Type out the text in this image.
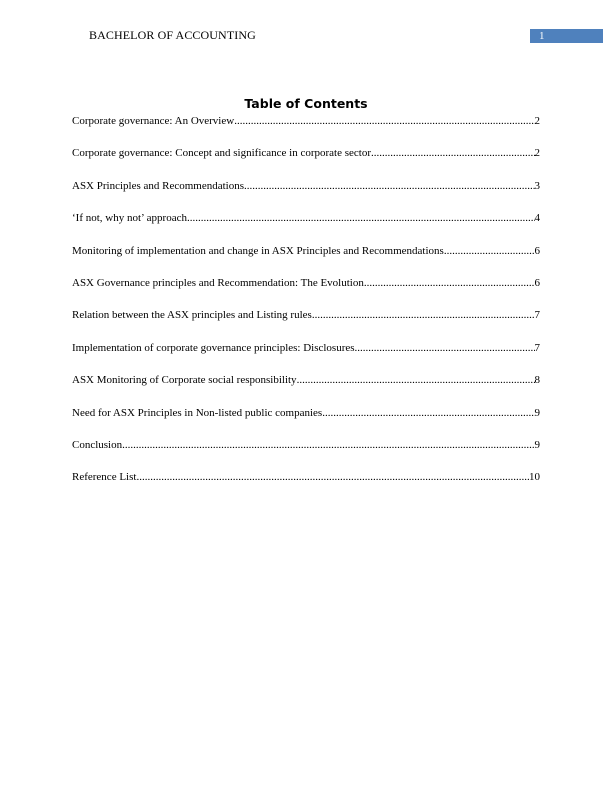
BACHELOR OF ACCOUNTING	1
Table of Contents
Corporate governance: An Overview .....	2
Corporate governance: Concept and significance in corporate sector .....	2
ASX Principles and Recommendations .....	3
‘If not, why not’ approach .....	4
Monitoring of implementation and change in ASX Principles and Recommendations .....	6
ASX Governance principles and Recommendation: The Evolution .....	6
Relation between the ASX principles and Listing rules .....	7
Implementation of corporate governance principles: Disclosures .....	7
ASX Monitoring of Corporate social responsibility .....	8
Need for ASX Principles in Non-listed public companies .....	9
Conclusion .....	9
Reference List .....	10
